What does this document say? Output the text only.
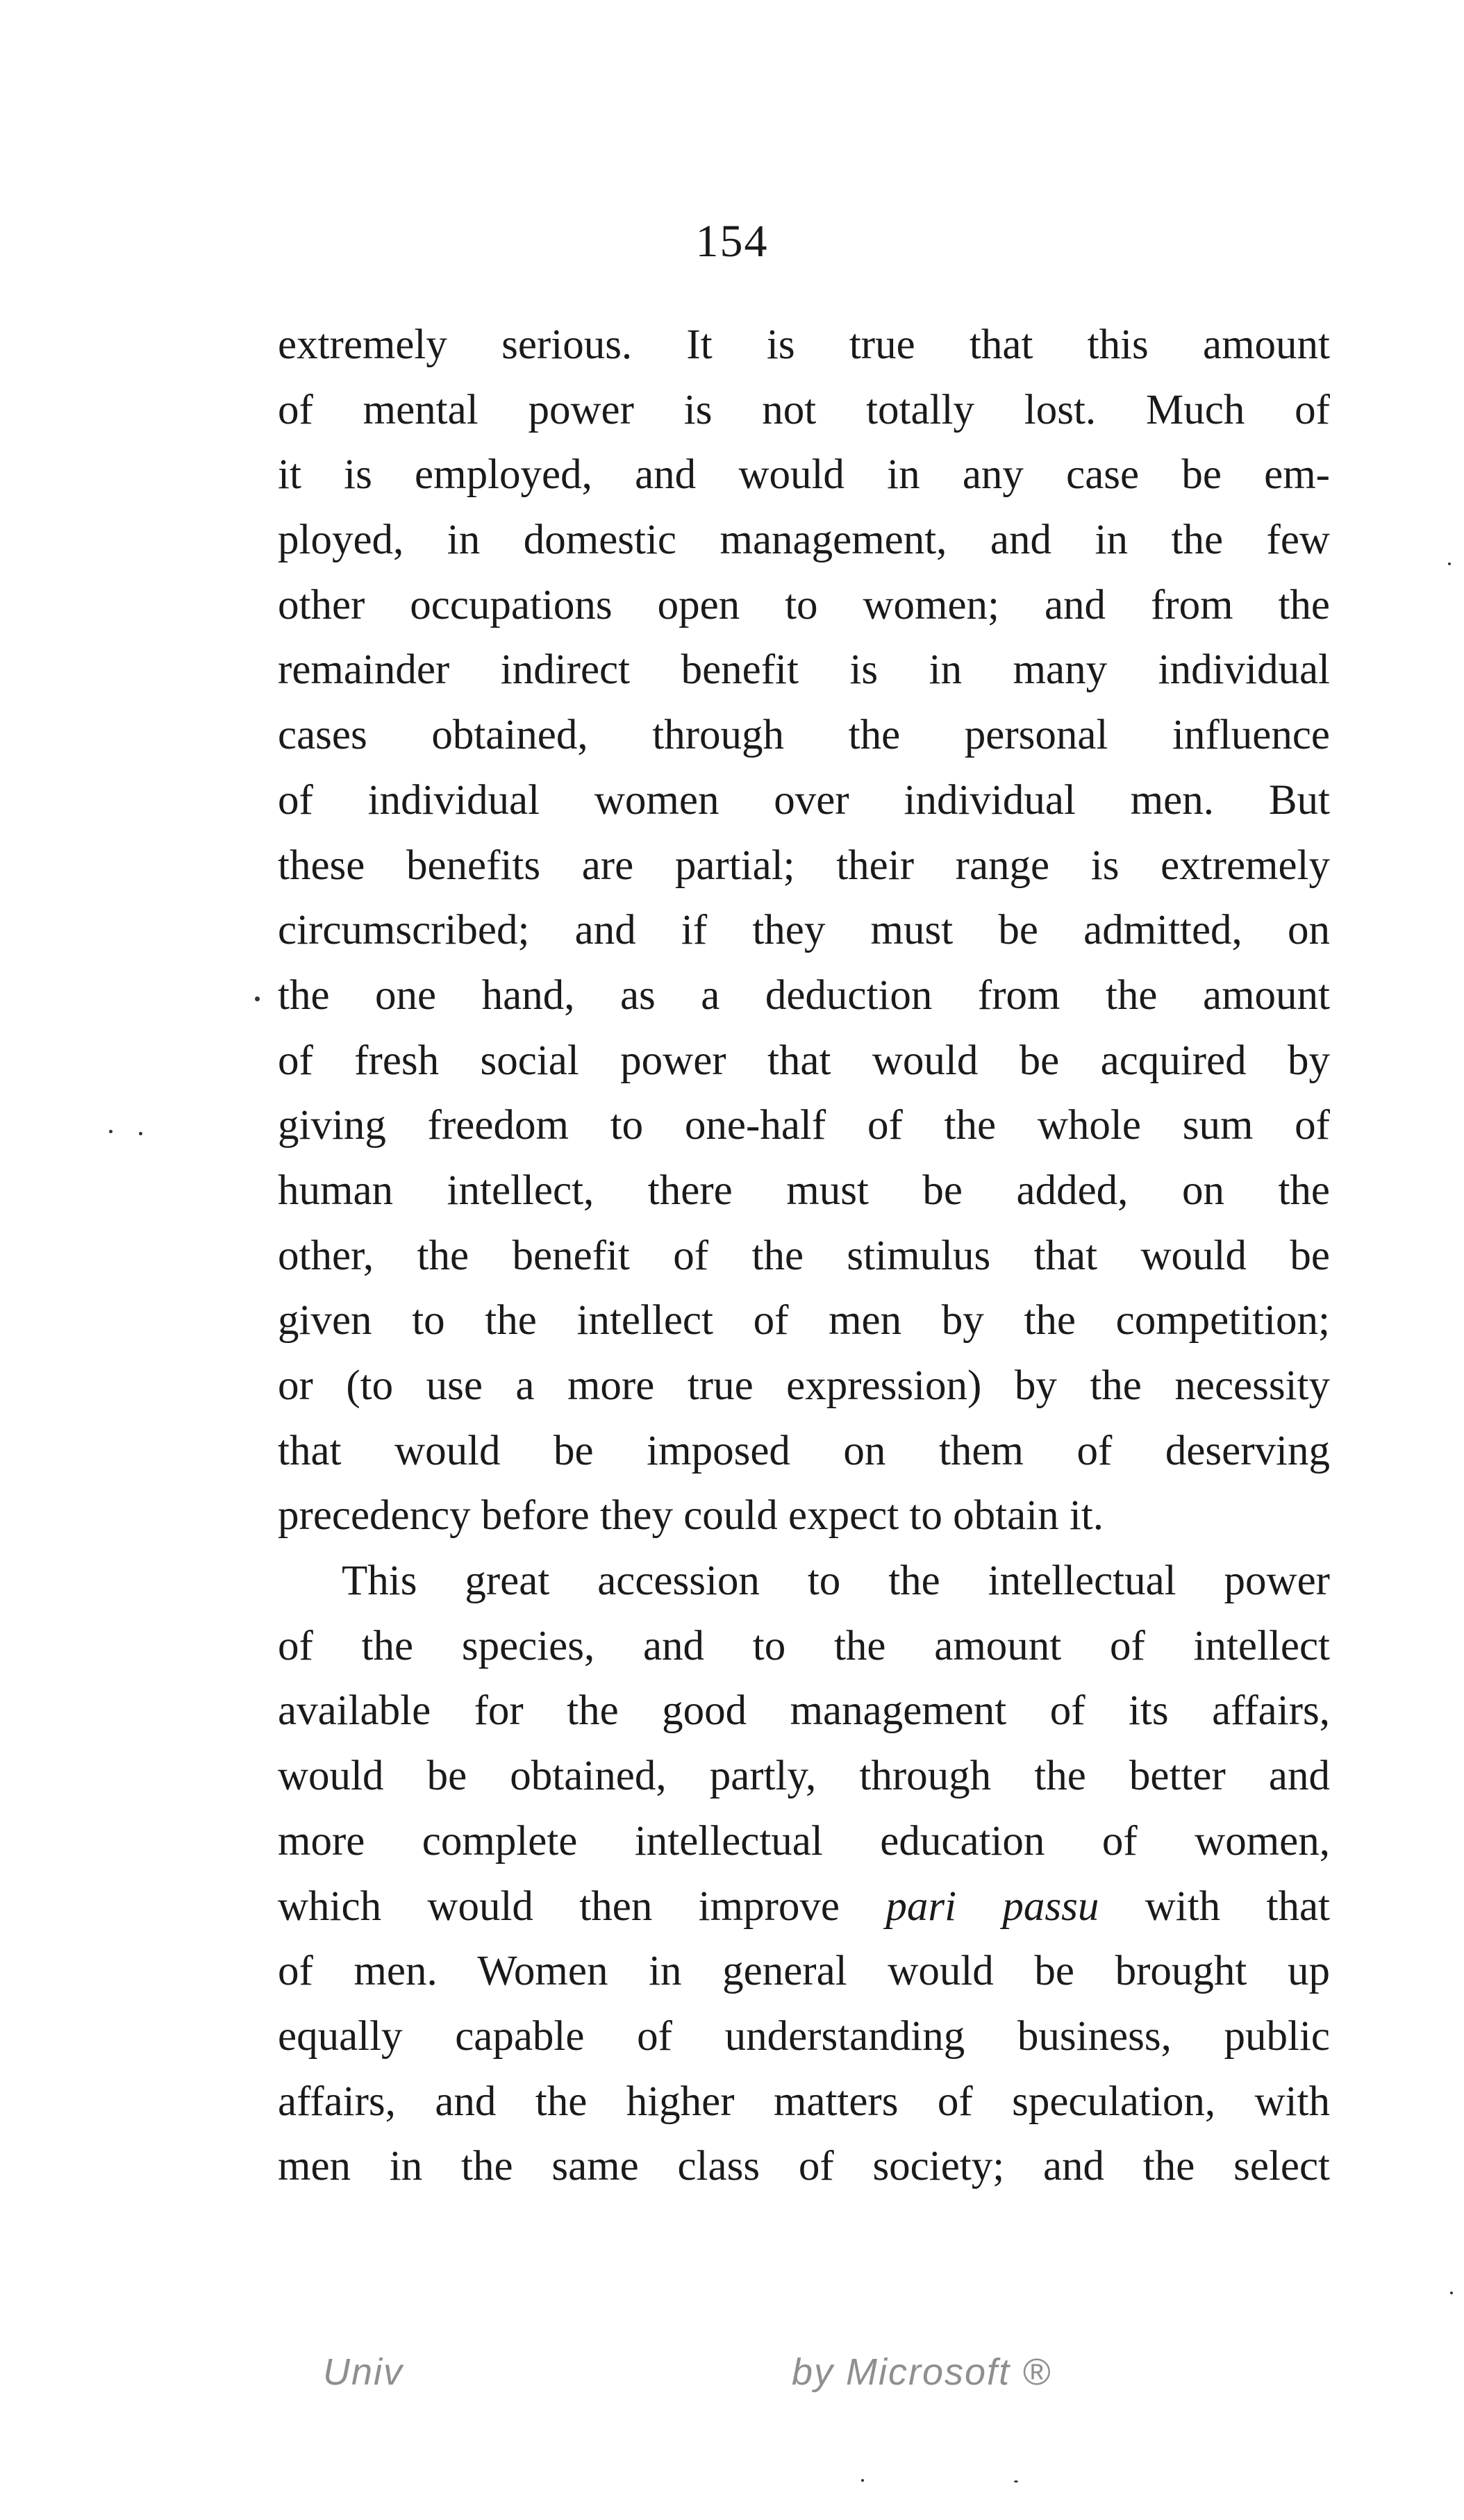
154
extremely serious. It is true that this amount
of mental power is not totally lost. Much of
it is employed, and would in any case be em-
ployed, in domestic management, and in the few
other occupations open to women; and from the
remainder indirect benefit is in many individual
cases obtained, through the personal influence
of individual women over individual men. But
these benefits are partial; their range is extremely
circumscribed; and if they must be admitted, on
the one hand, as a deduction from the amount
of fresh social power that would be acquired by
giving freedom to one-half of the whole sum of
human intellect, there must be added, on the
other, the benefit of the stimulus that would be
given to the intellect of men by the competition;
or (to use a more true expression) by the necessity
that would be imposed on them of deserving
precedency before they could expect to obtain it.
This great accession to the intellectual power
of the species, and to the amount of intellect
available for the good management of its affairs,
would be obtained, partly, through the better and
more complete intellectual education of women,
which would then improve pari passu with that
of men. Women in general would be brought up
equally capable of understanding business, public
affairs, and the higher matters of speculation, with
men in the same class of society; and the select
Univ	by Microsoft ®
